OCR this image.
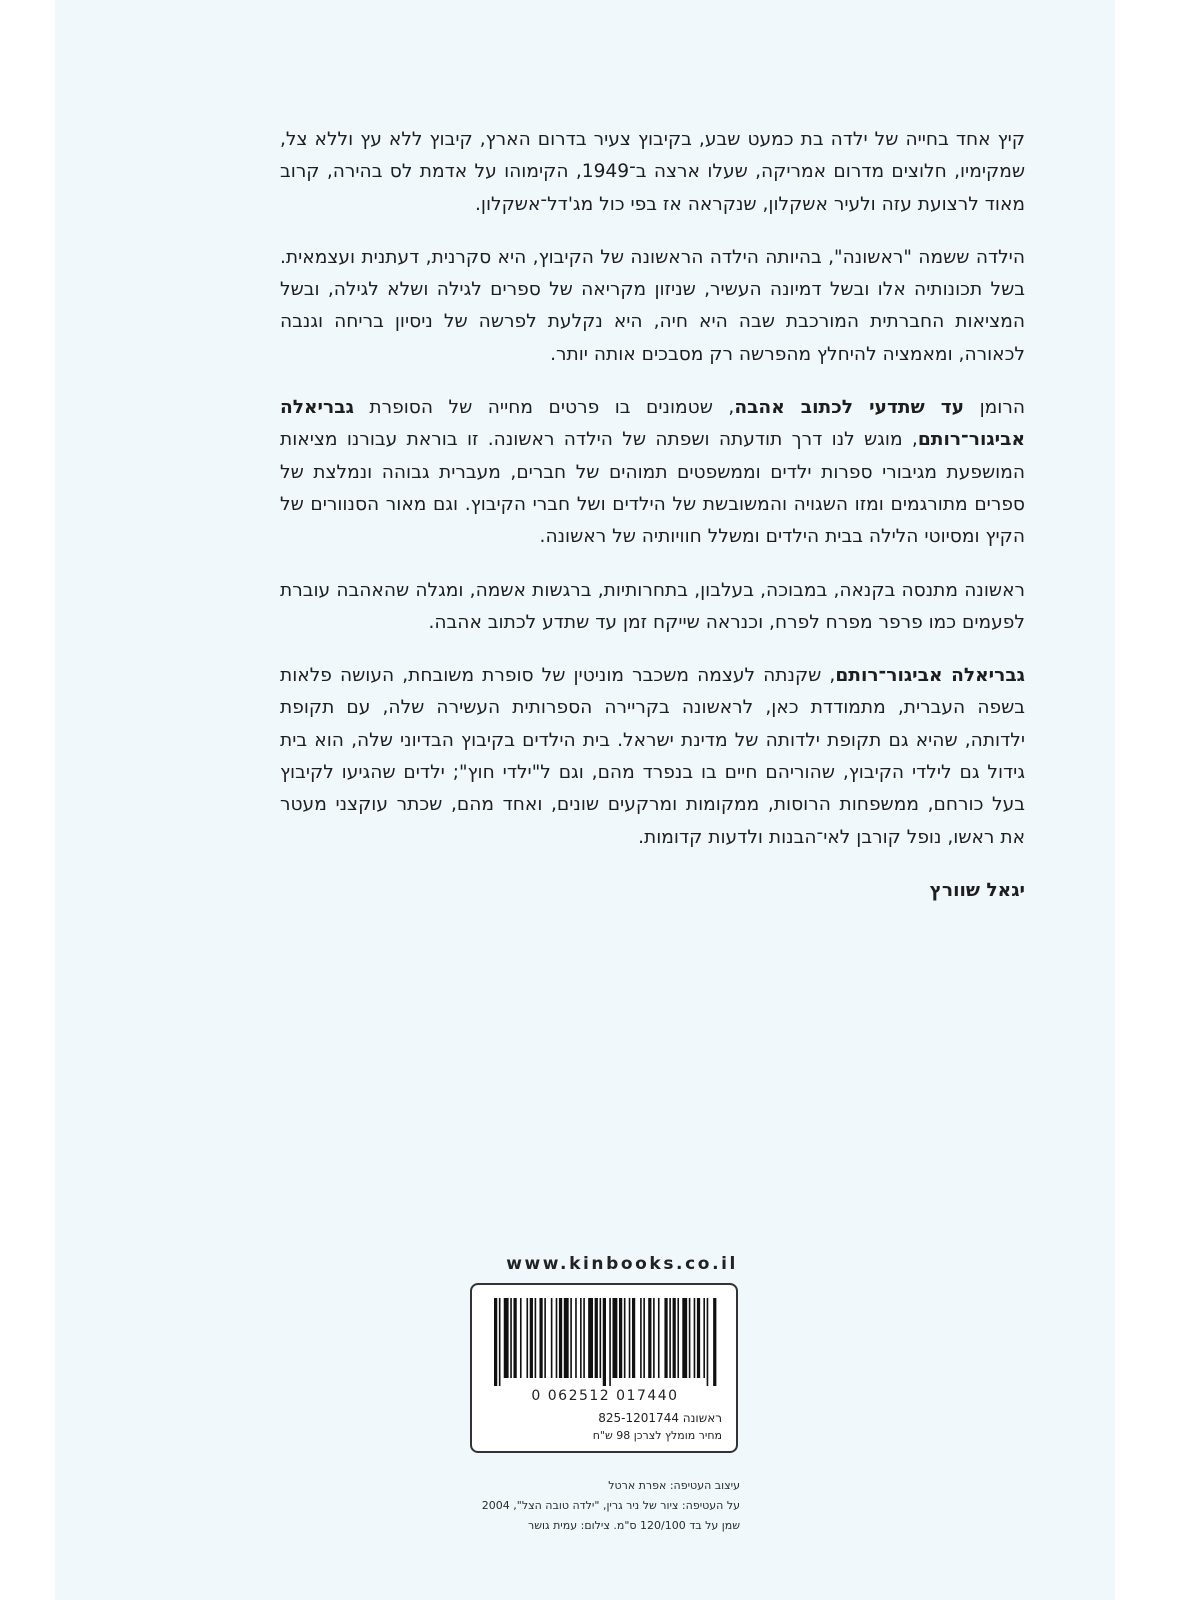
קיץ אחד בחייה של ילדה בת כמעט שבע, בקיבוץ צעיר בדרום הארץ, קיבוץ ללא עץ וללא צל, שמקימיו, חלוצים מדרום אמריקה, שעלו ארצה ב־1949, הקימוהו על אדמת לס בהירה, קרוב מאוד לרצועת עזה ולעיר אשקלון, שנקראה אז בפי כול מג'דל־אשקלון.

הילדה ששמה "ראשונה", בהיותה הילדה הראשונה של הקיבוץ, היא סקרנית, דעתנית ועצמאית. בשל תכונותיה אלו ובשל דמיונה העשיר, שניזון מקריאה של ספרים לגילה ושלא לגילה, ובשל המציאות החברתית המורכבת שבה היא חיה, היא נקלעת לפרשה של ניסיון בריחה וגנבה לכאורה, ומאמציה להיחלץ מהפרשה רק מסבכים אותה יותר.

הרומן עד שתדעי לכתוב אהבה, שטמונים בו פרטים מחייה של הסופרת גבריאלה אביגור־רותם, מוגש לנו דרך תודעתה ושפתה של הילדה ראשונה. זו בוראת עבורנו מציאות המושפעת מגיבורי ספרות ילדים וממשפטים תמוהים של חברים, מעברית גבוהה ונמלצת של ספרים מתורגמים ומזו השגויה והמשובשת של הילדים ושל חברי הקיבוץ. וגם מאור הסנוורים של הקיץ ומסיוטי הלילה בבית הילדים ומשלל חוויותיה של ראשונה.

ראשונה מתנסה בקנאה, במבוכה, בעלבון, בתחרותיות, ברגשות אשמה, ומגלה שהאהבה עוברת לפעמים כמו פרפר מפרח לפרח, וכנראה שייקח זמן עד שתדע לכתוב אהבה.

גבריאלה אביגור־רותם, שקנתה לעצמה משכבר מוניטין של סופרת משובחת, העושה פלאות בשפה העברית, מתמודדת כאן, לראשונה בקריירה הספרותית העשירה שלה, עם תקופת ילדותה, שהיא גם תקופת ילדותה של מדינת ישראל. בית הילדים בקיבוץ הבדיוני שלה, הוא בית גידול גם לילדי הקיבוץ, שהוריהם חיים בו בנפרד מהם, וגם ל"ילדי חוץ"; ילדים שהגיעו לקיבוץ בעל כורחם, ממשפחות הרוסות, ממקומות ומרקעים שונים, ואחד מהם, שכתר עוקצני מעטר את ראשו, נופל קורבן לאי־הבנות ולדעות קדומות.

יגאל שוורץ
www.kinbooks.co.il
0 062512 017440
ראשונה 825-1201744
מחיר מומלץ לצרכן 98 ש"ח
עיצוב העטיפה: אפרת ארטל
על העטיפה: ציור של ניר גרין, "ילדה טובה הצל", 2004
שמן על בד 120/100 ס"מ. צילום: עמית גושר
